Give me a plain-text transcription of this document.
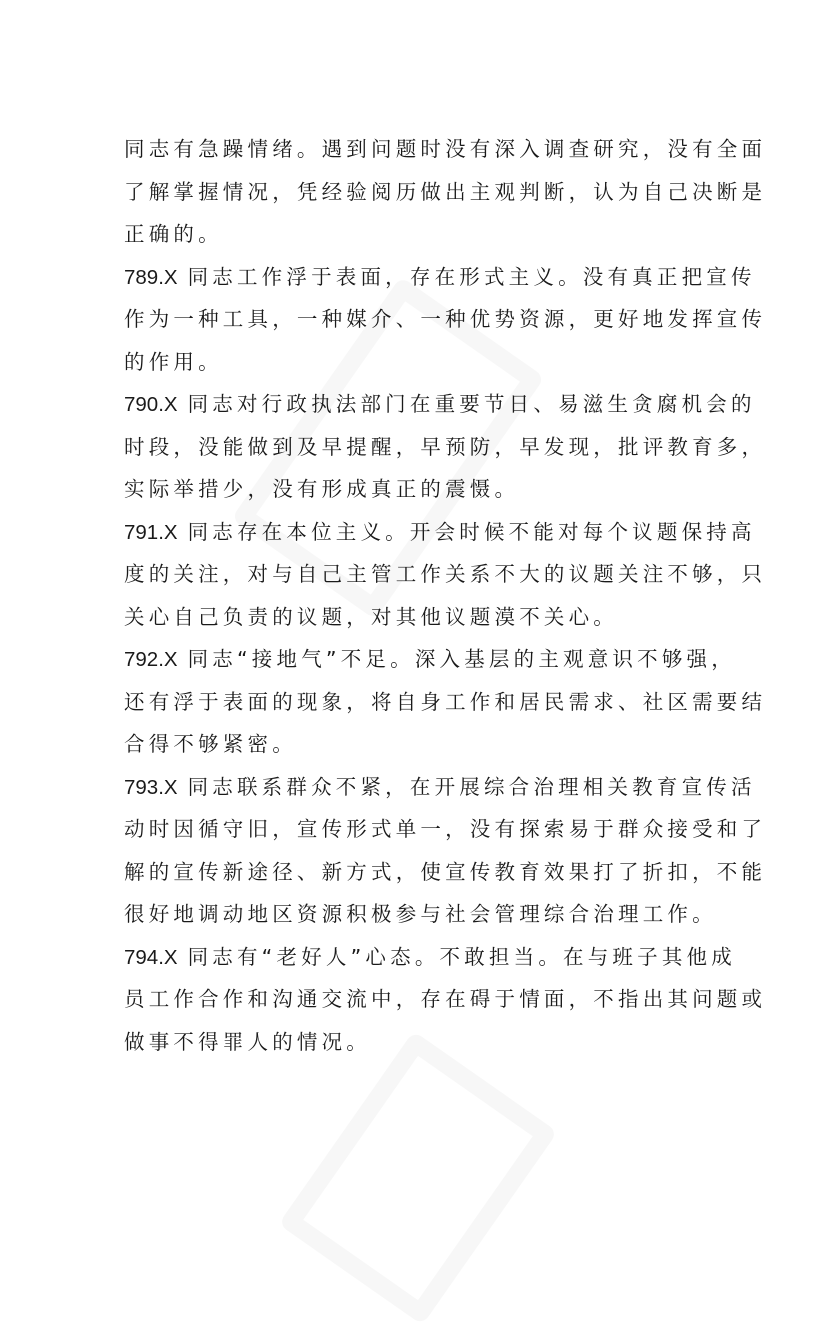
同志有急躁情绪。遇到问题时没有深入调查研究，没有全面
了解掌握情况，凭经验阅历做出主观判断，认为自己决断是
正确的。
789.X 同志工作浮于表面，存在形式主义。没有真正把宣传
作为一种工具，一种媒介、一种优势资源，更好地发挥宣传
的作用。
790.X 同志对行政执法部门在重要节日、易滋生贪腐机会的
时段，没能做到及早提醒，早预防，早发现，批评教育多，
实际举措少，没有形成真正的震慑。
791.X 同志存在本位主义。开会时候不能对每个议题保持高
度的关注，对与自己主管工作关系不大的议题关注不够，只
关心自己负责的议题，对其他议题漠不关心。
792.X 同志“接地气”不足。深入基层的主观意识不够强，
还有浮于表面的现象，将自身工作和居民需求、社区需要结
合得不够紧密。
793.X 同志联系群众不紧，在开展综合治理相关教育宣传活
动时因循守旧，宣传形式单一，没有探索易于群众接受和了
解的宣传新途径、新方式，使宣传教育效果打了折扣，不能
很好地调动地区资源积极参与社会管理综合治理工作。
794.X 同志有“老好人”心态。不敢担当。在与班子其他成
员工作合作和沟通交流中，存在碍于情面，不指出其问题或
做事不得罪人的情况。
